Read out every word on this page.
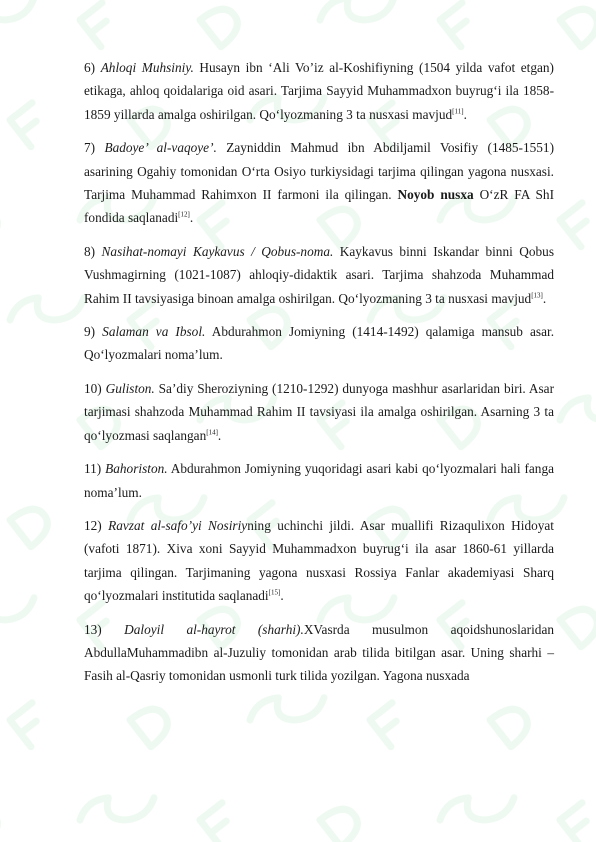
6) Ahloqi Muhsiniy. Husayn ibn ‘Ali Vo’iz al-Koshifiyning (1504 yilda vafot etgan) etikaga, ahloq qoidalariga oid asari. Tarjima Sayyid Muhammadxon buyrug‘i ila 1858-1859 yillarda amalga oshirilgan. Qo‘lyozmaning 3 ta nusxasi mavjud[11].

7) Badoye’ al-vaqoye’. Zayniddin Mahmud ibn Abdiljamil Vosifiy (1485-1551) asarining Ogahiy tomonidan O‘rta Osiyo turkiysidagi tarjima qilingan yagona nusxasi. Tarjima Muhammad Rahimxon II farmoni ila qilingan. Noyob nusxa O‘zR FA ShI fondida saqlanadi[12].

8) Nasihat-nomayi Kaykavus / Qobus-noma. Kaykavus binni Iskandar binni Qobus Vushmagirning (1021-1087) ahloqiy-didaktik asari. Tarjima shahzoda Muhammad Rahim II tavsiyasiga binoan amalga oshirilgan. Qo‘lyozmaning 3 ta nusxasi mavjud[13].

9) Salaman va Ibsol. Abdurahmon Jomiyning (1414-1492) qalamiga mansub asar. Qo‘lyozmalari noma’lum.

10) Guliston. Sa’diy Sheroziyning (1210-1292) dunyoga mashhur asarlaridan biri. Asar tarjimasi shahzoda Muhammad Rahim II tavsiyasi ila amalga oshirilgan. Asarning 3 ta qo‘lyozmasi saqlangan[14].

11) Bahoriston. Abdurahmon Jomiyning yuqoridagi asari kabi qo‘lyozmalari hali fanga noma’lum.

12) Ravzat al-safo’yi Nosiriyning uchinchi jildi. Asar muallifi Rizaqulixon Hidoyat (vafoti 1871). Xiva xoni Sayyid Muhammadxon buyrug‘i ila asar 1860-61 yillarda tarjima qilingan. Tarjimaning yagona nusxasi Rossiya Fanlar akademiyasi Sharq qo‘lyozmalari institutida saqlanadi[15].

13) Daloyil al-hayrot (sharhi).XVasrda musulmon aqoidshunoslaridan AbdullaMuhammadibn al-Juzuliy tomonidan arab tilida bitilgan asar. Uning sharhi – Fasih al-Qasriy tomonidan usmonli turk tilida yozilgan. Yagona nusxada
